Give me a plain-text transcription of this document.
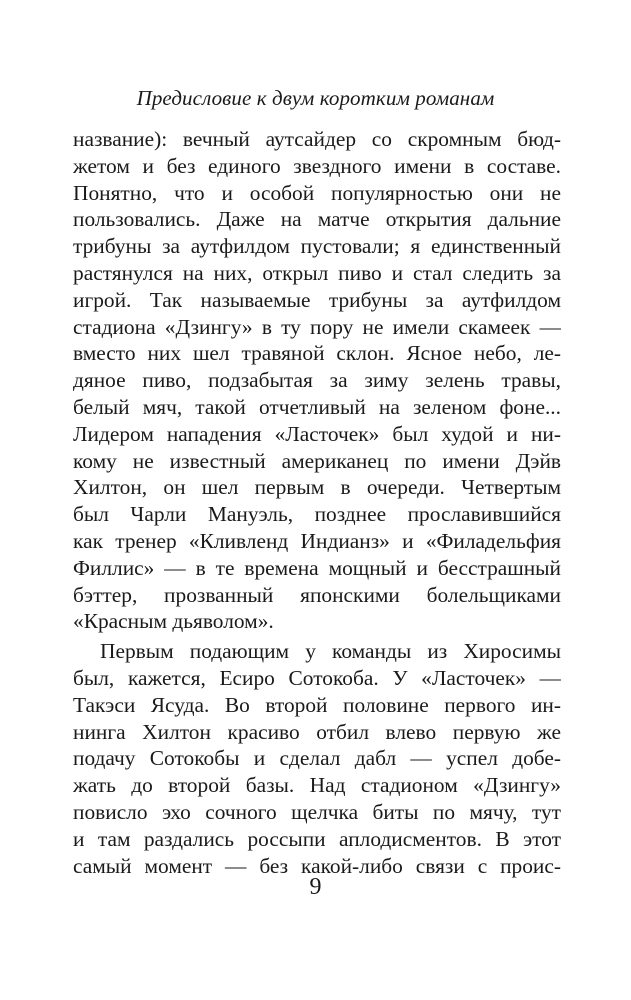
Предисловие к двум коротким романам
название): вечный аутсайдер со скромным бюд-
жетом и без единого звездного имени в составе.
Понятно, что и особой популярностью они не
пользовались. Даже на матче открытия дальние
трибуны за аутфилдом пустовали; я единственный
растянулся на них, открыл пиво и стал следить за
игрой. Так называемые трибуны за аутфилдом
стадиона «Дзингу» в ту пору не имели скамеек —
вместо них шел травяной склон. Ясное небо, ле-
дяное пиво, подзабытая за зиму зелень травы,
белый мяч, такой отчетливый на зеленом фоне...
Лидером нападения «Ласточек» был худой и ни-
кому не известный американец по имени Дэйв
Хилтон, он шел первым в очереди. Четвертым
был Чарли Мануэль, позднее прославившийся
как тренер «Кливленд Индианз» и «Филадельфия
Филлис» — в те времена мощный и бесстрашный
бэттер, прозванный японскими болельщиками
«Красным дьяволом».
Первым подающим у команды из Хиросимы
был, кажется, Есиро Сотокоба. У «Ласточек» —
Такэси Ясуда. Во второй половине первого ин-
нинга Хилтон красиво отбил влево первую же
подачу Сотокобы и сделал дабл — успел добе-
жать до второй базы. Над стадионом «Дзингу»
повисло эхо сочного щелчка биты по мячу, тут
и там раздались россыпи аплодисментов. В этот
самый момент — без какой-либо связи с проис-
9
